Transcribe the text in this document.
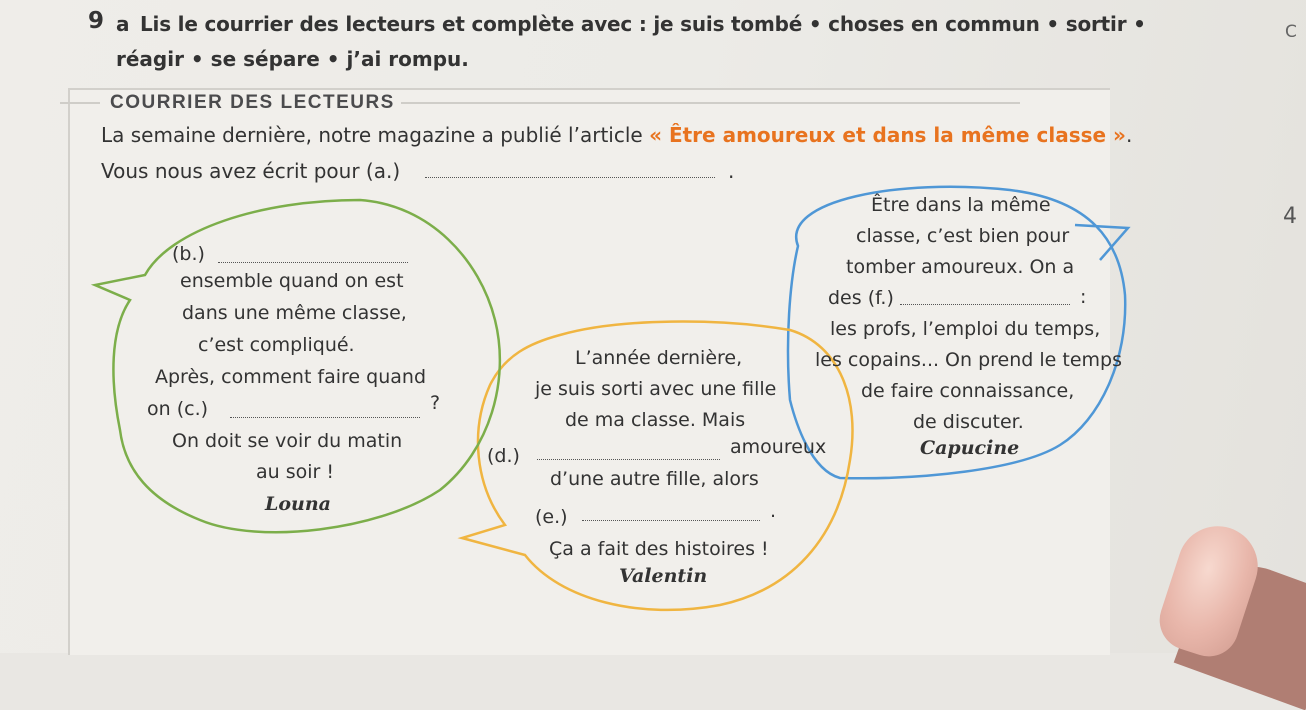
9 a Lis le courrier des lecteurs et complète avec : je suis tombé • choses en commun • sortir •
réagir • se sépare • j’ai rompu.
COURRIER DES LECTEURS
La semaine dernière, notre magazine a publié l’article « Être amoureux et dans la même classe ».
Vous nous avez écrit pour (a.)	.
(b.)
ensemble quand on est
dans une même classe,
c’est compliqué.
Après, comment faire quand
on (c.)	?
On doit se voir du matin
au soir !
Louna
L’année dernière,
je suis sorti avec une fille
de ma classe. Mais
(d.)	amoureux
d’une autre fille, alors
(e.)	.
Ça a fait des histoires !
Valentin
Être dans la même
classe, c’est bien pour
tomber amoureux. On a
des (f.)	:
les profs, l’emploi du temps,
les copains... On prend le temps
de faire connaissance,
de discuter.
Capucine
C
4
